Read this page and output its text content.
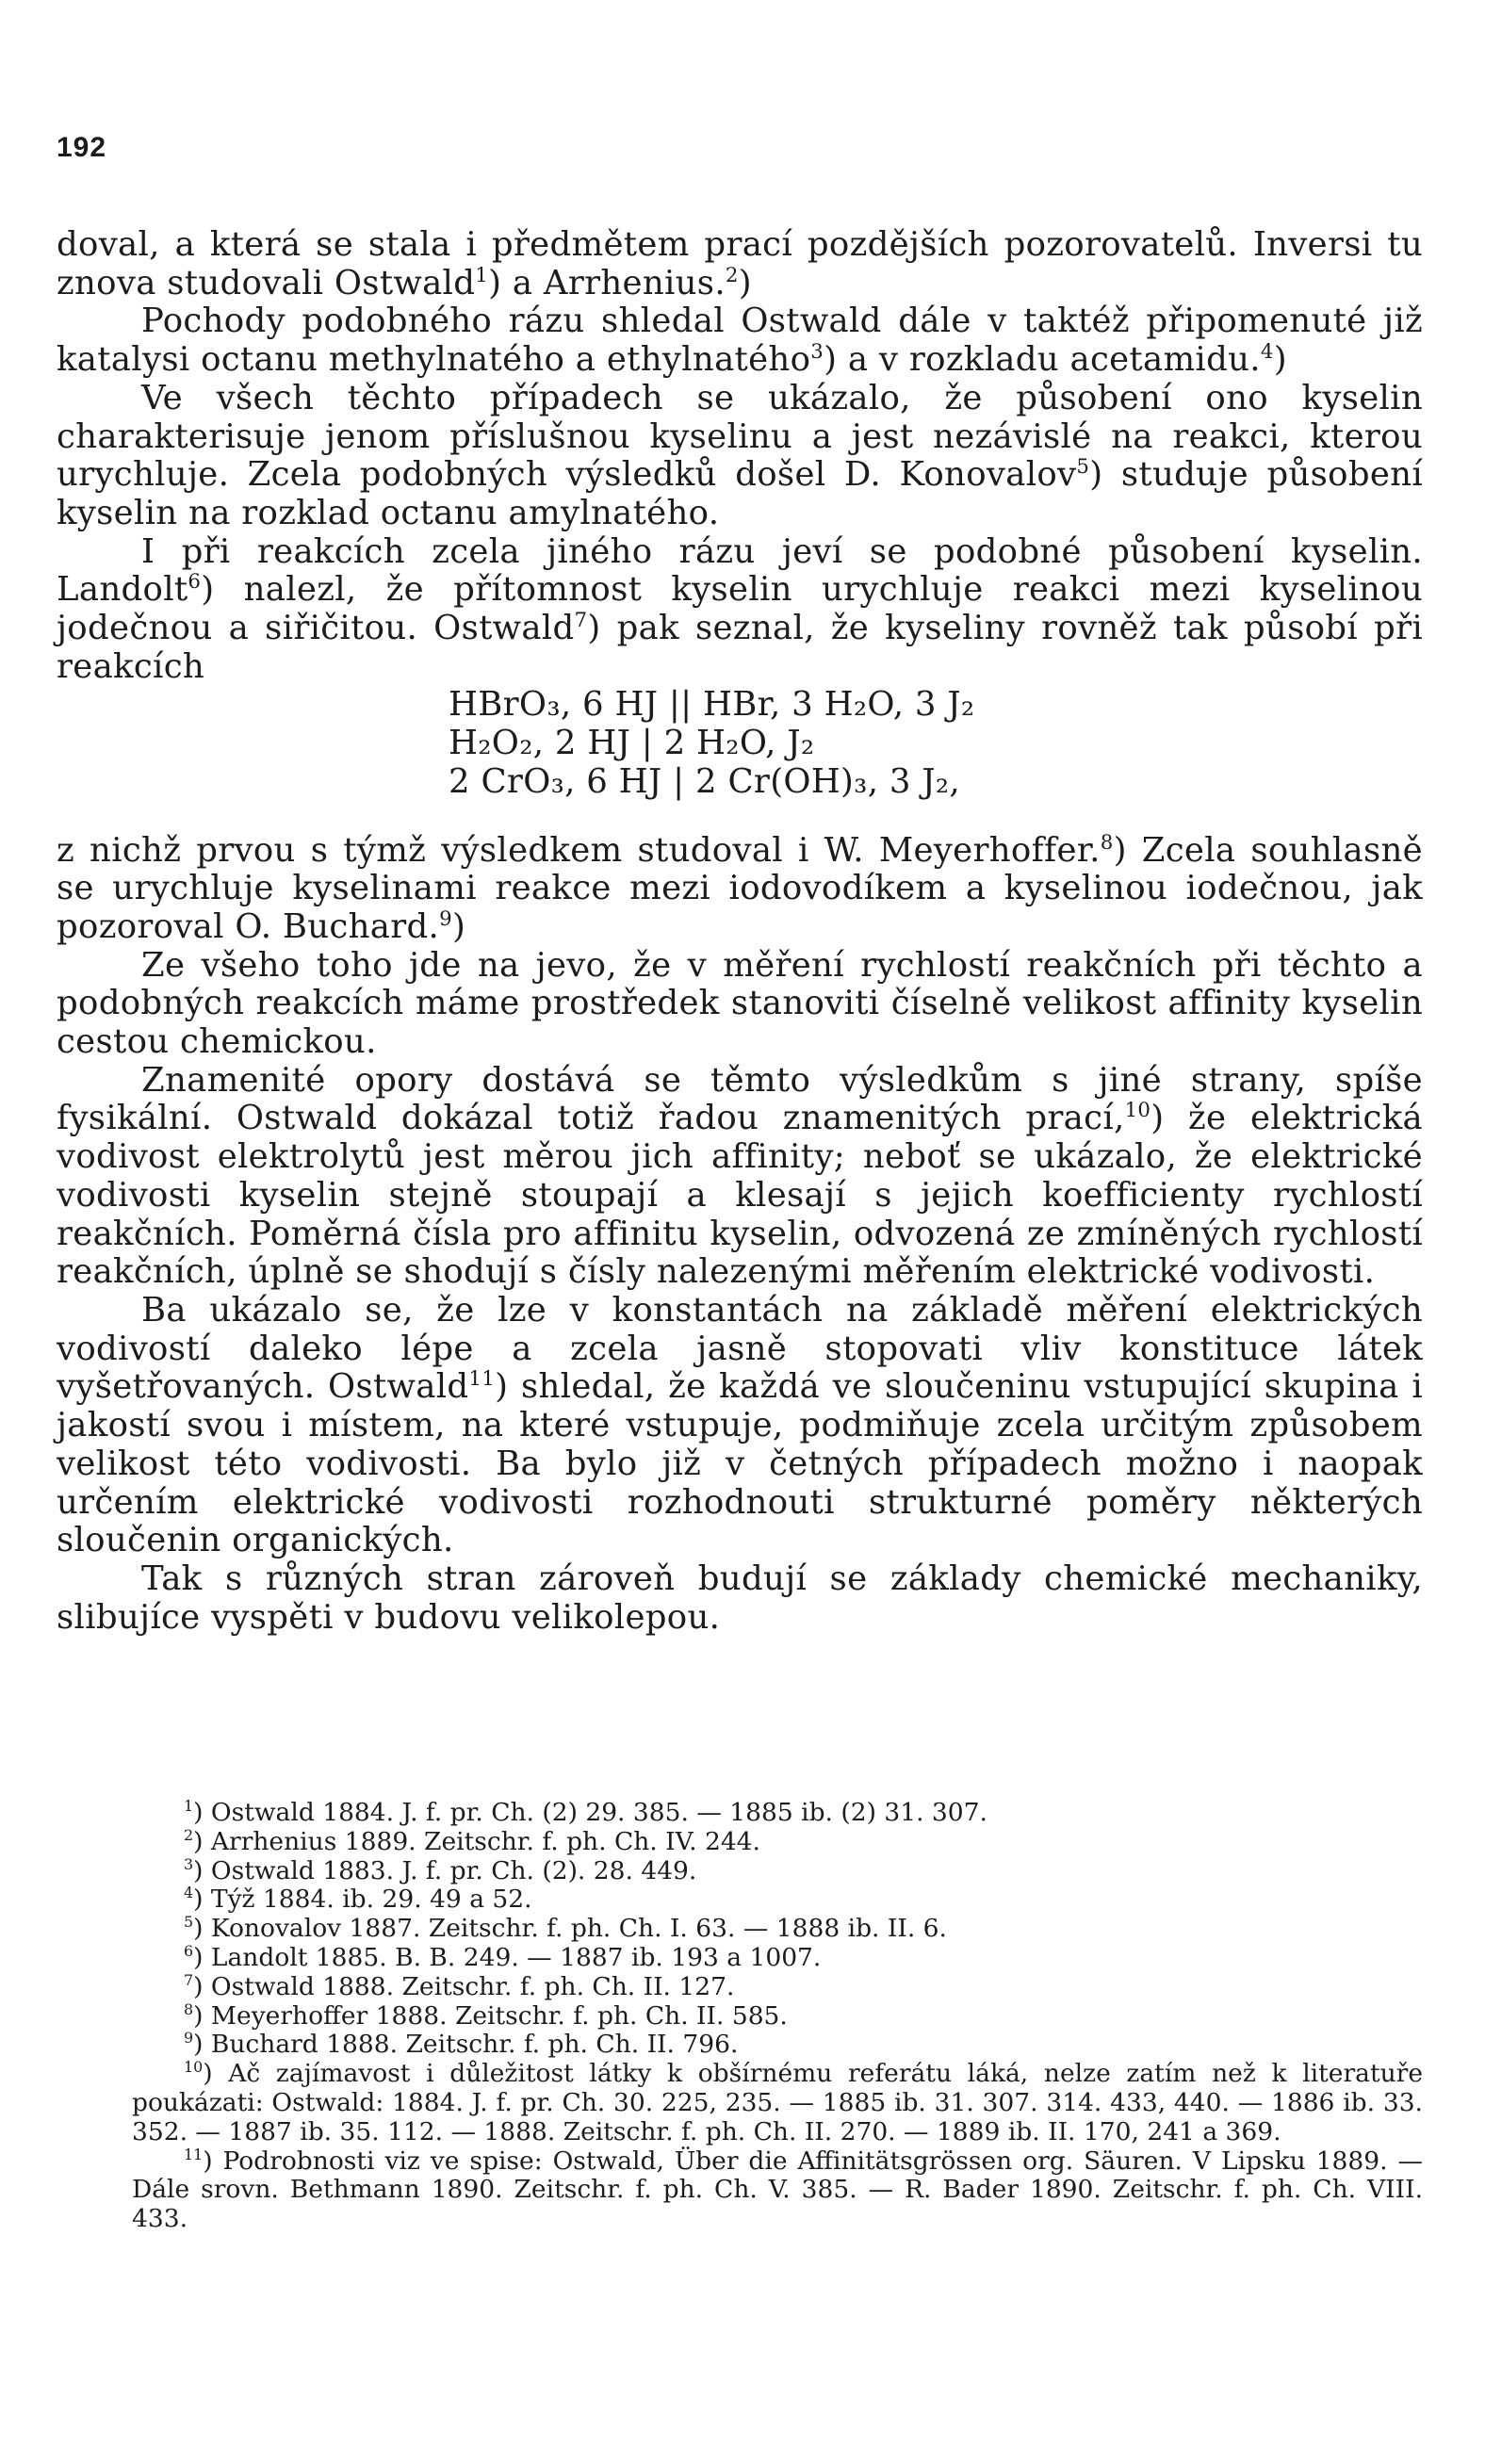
192

doval, a která se stala i předmětem prací pozdějších pozorovatelů. Inversi tu znova studovali Ostwald$^1$) a Arrhenius.$^2$)

Pochody podobného rázu shledal Ostwald dále v taktéž připomenuté již katalysi octanu methylnatého a ethylnatého$^3$) a v rozkladu acetamidu.$^4$)

Ve všech těchto případech se ukázalo, že působení ono kyselin charakterisuje jenom příslušnou kyselinu a jest nezávislé na reakci, kterou urychluje. Zcela podobných výsledků došel D. Konovalov$^5$) studuje působení kyselin na rozklad octanu amylnatého.

I při reakcích zcela jiného rázu jeví se podobné působení kyselin. Landolt$^6$) nalezl, že přítomnost kyselin urychluje reakci mezi kyselinou jodečnou a siřičitou. Ostwald$^7$) pak seznal, že kyseliny rovněž tak působí při reakcích

HBrO₃, 6 HJ || HBr, 3 H₂O, 3 J₂
H₂O₂, 2 HJ | 2 H₂O, J₂
2 CrO₃, 6 HJ | 2 Cr(OH)₃, 3 J₂,

z nichž prvou s týmž výsledkem studoval i W. Meyerhoffer.$^8$) Zcela souhlasně se urychluje kyselinami reakce mezi iodovodíkem a kyselinou iodečnou, jak pozoroval O. Buchard.$^9$)

Ze všeho toho jde na jevo, že v měření rychlostí reakčních při těchto a podobných reakcích máme prostředek stanoviti číselně velikost affinity kyselin cestou chemickou.

Znamenité opory dostává se těmto výsledkům s jiné strany, spíše fysikální. Ostwald dokázal totiž řadou znamenitých prací,$^{10}$) že elektrická vodivost elektrolytů jest měrou jich affinity; neboť se ukázalo, že elektrické vodivosti kyselin stejně stoupají a klesají s jejich koefficienty rychlostí reakčních. Poměrná čísla pro affinitu kyselin, odvozená ze zmíněných rychlostí reakčních, úplně se shodují s čísly nalezenými měřením elektrické vodivosti.

Ba ukázalo se, že lze v konstantách na základě měření elektrických vodivostí daleko lépe a zcela jasně stopovati vliv konstituce látek vyšetřovaných. Ostwald$^{11}$) shledal, že každá ve sloučeninu vstupující skupina i jakostí svou i místem, na které vstupuje, podmiňuje zcela určitým způsobem velikost této vodivosti. Ba bylo již v četných případech možno i naopak určením elektrické vodivosti rozhodnouti strukturné poměry některých sloučenin organických.

Tak s různých stran zároveň budují se základy chemické mechaniky, slibujíce vyspěti v budovu velikolepou.

$^1$) Ostwald 1884. J. f. pr. Ch. (2) 29. 385. — 1885 ib. (2) 31. 307.
$^2$) Arrhenius 1889. Zeitschr. f. ph. Ch. IV. 244.
$^3$) Ostwald 1883. J. f. pr. Ch. (2). 28. 449.
$^4$) Týž 1884. ib. 29. 49 a 52.
$^5$) Konovalov 1887. Zeitschr. f. ph. Ch. I. 63. — 1888 ib. II. 6.
$^6$) Landolt 1885. B. B. 249. — 1887 ib. 193 a 1007.
$^7$) Ostwald 1888. Zeitschr. f. ph. Ch. II. 127.
$^8$) Meyerhoffer 1888. Zeitschr. f. ph. Ch. II. 585.
$^9$) Buchard 1888. Zeitschr. f. ph. Ch. II. 796.
$^{10}$) Ač zajímavost i důležitost látky k obšírnému referátu láká, nelze zatím než k literatuře poukázati: Ostwald: 1884. J. f. pr. Ch. 30. 225, 235. — 1885 ib. 31. 307. 314. 433, 440. — 1886 ib. 33. 352. — 1887 ib. 35. 112. — 1888. Zeitschr. f. ph. Ch. II. 270. — 1889 ib. II. 170, 241 a 369.
$^{11}$) Podrobnosti viz ve spise: Ostwald, Über die Affinitätsgrössen org. Säuren. V Lipsku 1889. — Dále srovn. Bethmann 1890. Zeitschr. f. ph. Ch. V. 385. — R. Bader 1890. Zeitschr. f. ph. Ch. VIII. 433.
